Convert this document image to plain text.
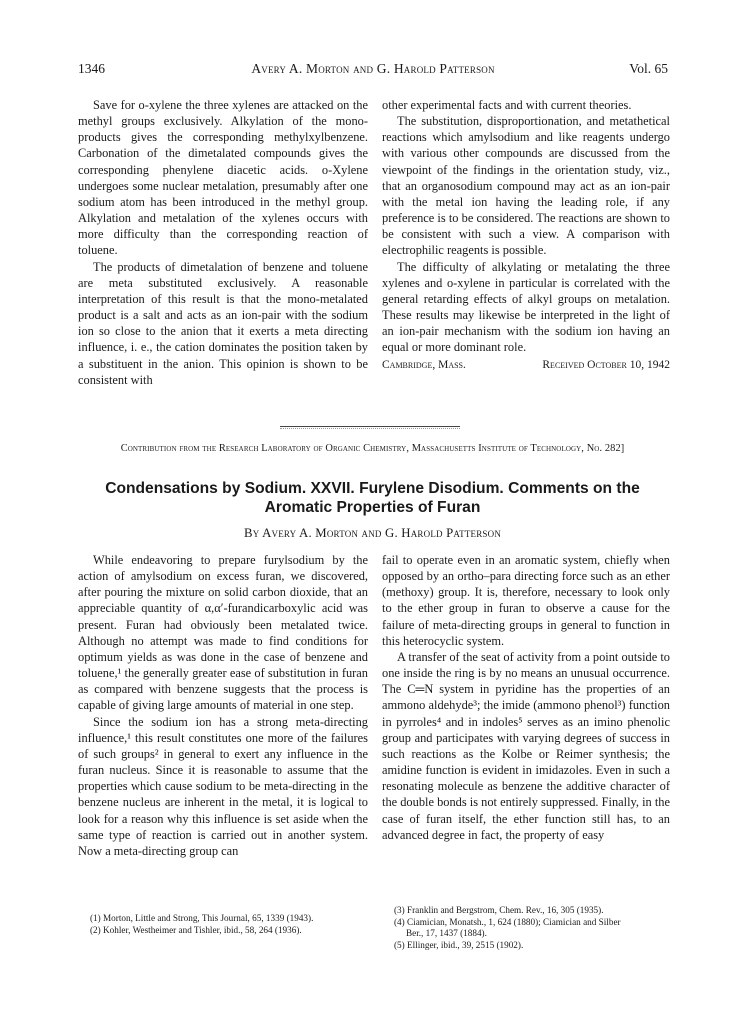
1346	Avery A. Morton and G. Harold Patterson	Vol. 65

Save for o-xylene the three xylenes are attacked on the methyl groups exclusively. Alkylation of the mono-products gives the corresponding methylxylbenzene. Carbonation of the dimetalated compounds gives the corresponding phenylene diacetic acids. o-Xylene undergoes some nuclear metalation, presumably after one sodium atom has been introduced in the methyl group. Alkylation and metalation of the xylenes occurs with more difficulty than the corresponding reaction of toluene.

The products of dimetalation of benzene and toluene are meta substituted exclusively. A reasonable interpretation of this result is that the mono-metalated product is a salt and acts as an ion-pair with the sodium ion so close to the anion that it exerts a meta directing influence, i. e., the cation dominates the position taken by a substituent in the anion. This opinion is shown to be consistent with

other experimental facts and with current theories.

The substitution, disproportionation, and metathetical reactions which amylsodium and like reagents undergo with various other compounds are discussed from the viewpoint of the findings in the orientation study, viz., that an organosodium compound may act as an ion-pair with the metal ion having the leading role, if any preference is to be considered. The reactions are shown to be consistent with such a view. A comparison with electrophilic reagents is possible.

The difficulty of alkylating or metalating the three xylenes and o-xylene in particular is correlated with the general retarding effects of alkyl groups on metalation. These results may likewise be interpreted in the light of an ion-pair mechanism with the sodium ion having an equal or more dominant role.

Cambridge, Mass.	Received October 10, 1942
Contribution from the Research Laboratory of Organic Chemistry, Massachusetts Institute of Technology, No. 282]
Condensations by Sodium. XXVII. Furylene Disodium. Comments on the
Aromatic Properties of Furan
By Avery A. Morton and G. Harold Patterson

While endeavoring to prepare furylsodium by the action of amylsodium on excess furan, we discovered, after pouring the mixture on solid carbon dioxide, that an appreciable quantity of α,α′-furandicarboxylic acid was present. Furan had obviously been metalated twice. Although no attempt was made to find conditions for optimum yields as was done in the case of benzene and toluene,¹ the generally greater ease of substitution in furan as compared with benzene suggests that the process is capable of giving large amounts of material in one step.

Since the sodium ion has a strong meta-directing influence,¹ this result constitutes one more of the failures of such groups² in general to exert any influence in the furan nucleus. Since it is reasonable to assume that the properties which cause sodium to be meta-directing in the benzene nucleus are inherent in the metal, it is logical to look for a reason why this influence is set aside when the same type of reaction is carried out in another system. Now a meta-directing group can

fail to operate even in an aromatic system, chiefly when opposed by an ortho–para directing force such as an ether (methoxy) group. It is, therefore, necessary to look only to the ether group in furan to observe a cause for the failure of meta-directing groups in general to function in this heterocyclic system.

A transfer of the seat of activity from a point outside to one inside the ring is by no means an unusual occurrence. The C═N system in pyridine has the properties of an ammono aldehyde³; the imide (ammono phenol³) function in pyrroles⁴ and in indoles⁵ serves as an imino phenolic group and participates with varying degrees of success in such reactions as the Kolbe or Reimer synthesis; the amidine function is evident in imidazoles. Even in such a resonating molecule as benzene the additive character of the double bonds is not entirely suppressed. Finally, in the case of furan itself, the ether function still has, to an advanced degree in fact, the property of easy

(1) Morton, Little and Strong, This Journal, 65, 1339 (1943).
(2) Kohler, Westheimer and Tishler, ibid., 58, 264 (1936).
(3) Franklin and Bergstrom, Chem. Rev., 16, 305 (1935).
(4) Ciamician, Monatsh., 1, 624 (1880); Ciamician and Silber
Ber., 17, 1437 (1884).
(5) Ellinger, ibid., 39, 2515 (1902).
